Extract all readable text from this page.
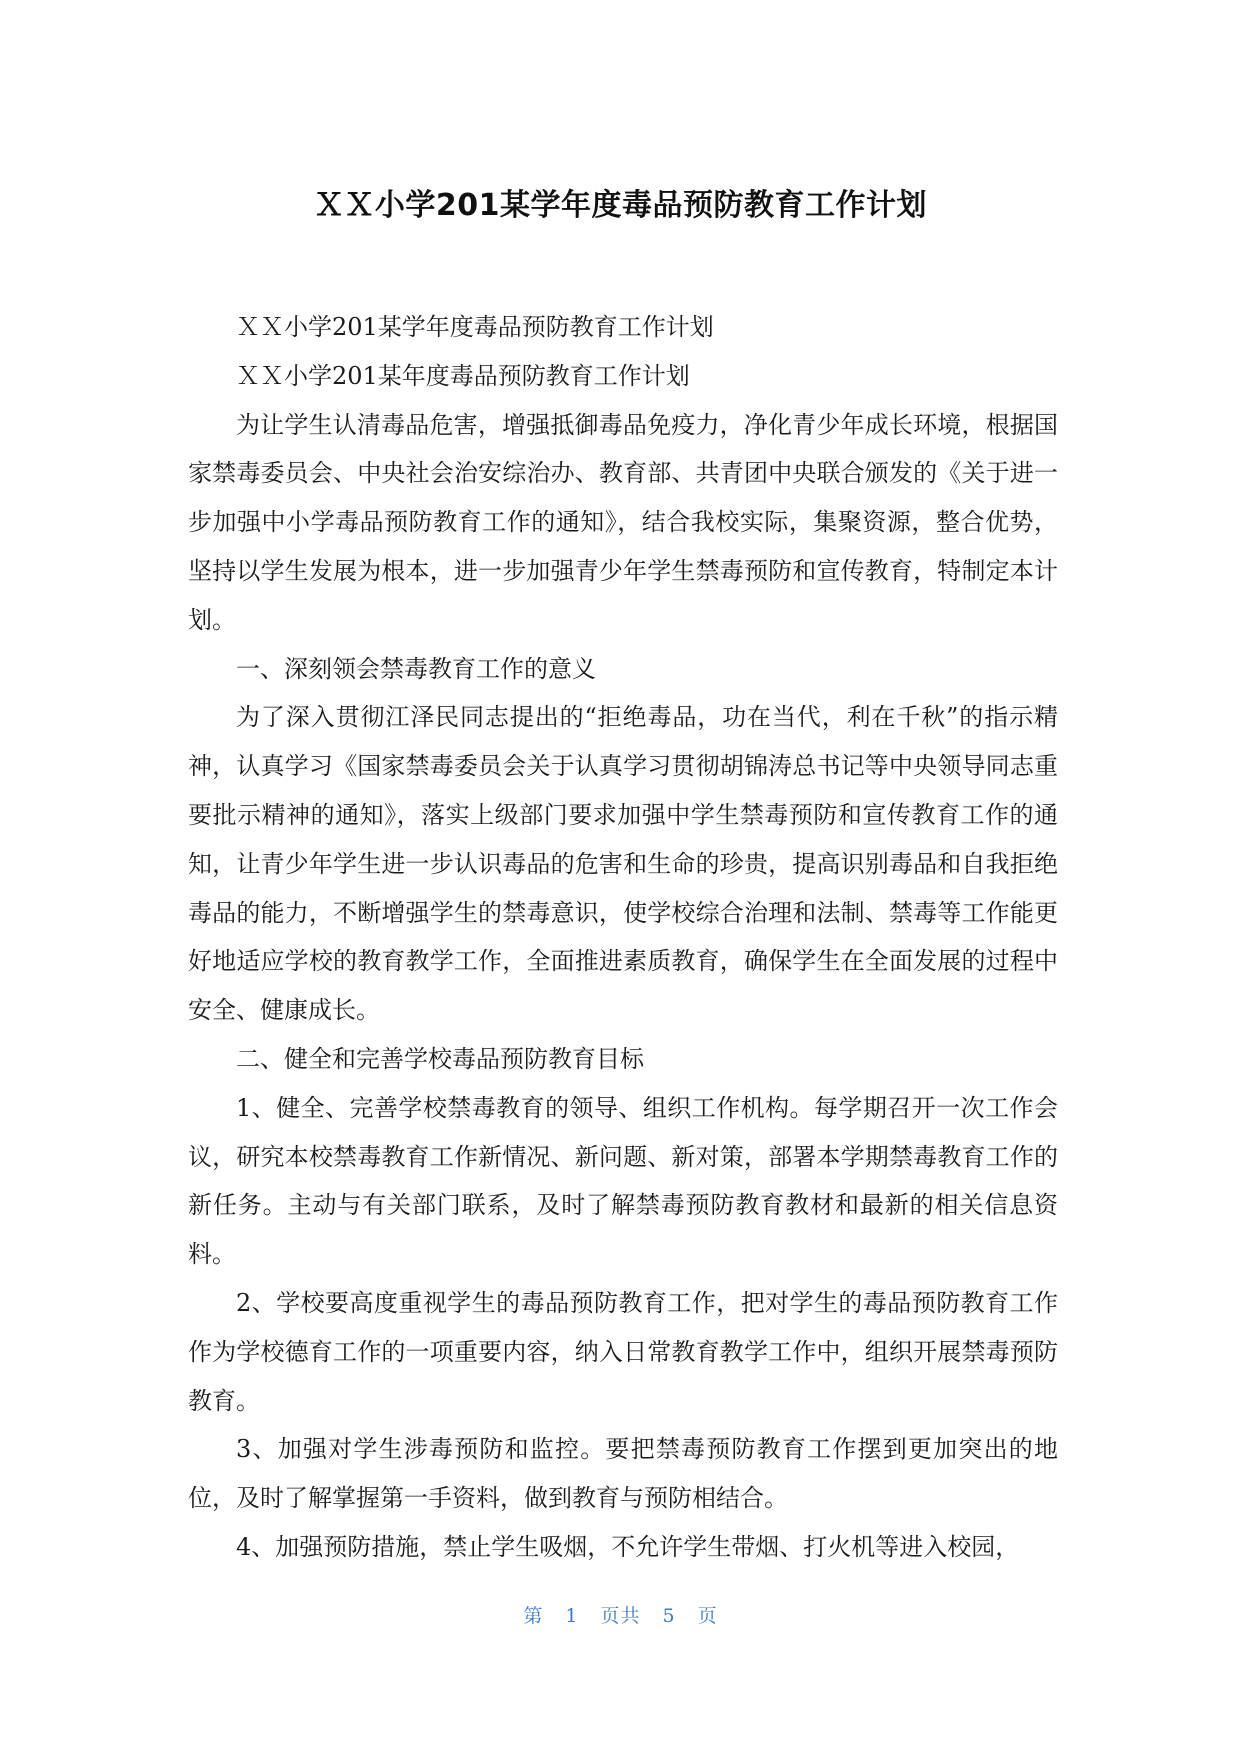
ＸＸ小学201某学年度毒品预防教育工作计划

ＸＸ小学201某学年度毒品预防教育工作计划

ＸＸ小学201某年度毒品预防教育工作计划

为让学生认清毒品危害，增强抵御毒品免疫力，净化青少年成长环境，根据国家禁毒委员会、中央社会治安综治办、教育部、共青团中央联合颁发的《关于进一步加强中小学毒品预防教育工作的通知》，结合我校实际，集聚资源，整合优势，坚持以学生发展为根本，进一步加强青少年学生禁毒预防和宣传教育，特制定本计划。

一、深刻领会禁毒教育工作的意义

为了深入贯彻江泽民同志提出的“拒绝毒品，功在当代，利在千秋”的指示精神，认真学习《国家禁毒委员会关于认真学习贯彻胡锦涛总书记等中央领导同志重要批示精神的通知》，落实上级部门要求加强中学生禁毒预防和宣传教育工作的通知，让青少年学生进一步认识毒品的危害和生命的珍贵，提高识别毒品和自我拒绝毒品的能力，不断增强学生的禁毒意识，使学校综合治理和法制、禁毒等工作能更好地适应学校的教育教学工作，全面推进素质教育，确保学生在全面发展的过程中安全、健康成长。

二、健全和完善学校毒品预防教育目标

1、健全、完善学校禁毒教育的领导、组织工作机构。每学期召开一次工作会议，研究本校禁毒教育工作新情况、新问题、新对策，部署本学期禁毒教育工作的新任务。主动与有关部门联系，及时了解禁毒预防教育教材和最新的相关信息资料。

2、学校要高度重视学生的毒品预防教育工作，把对学生的毒品预防教育工作作为学校德育工作的一项重要内容，纳入日常教育教学工作中，组织开展禁毒预防教育。

3、加强对学生涉毒预防和监控。要把禁毒预防教育工作摆到更加突出的地位，及时了解掌握第一手资料，做到教育与预防相结合。

4、加强预防措施，禁止学生吸烟，不允许学生带烟、打火机等进入校园，

第 1 页共 5 页
